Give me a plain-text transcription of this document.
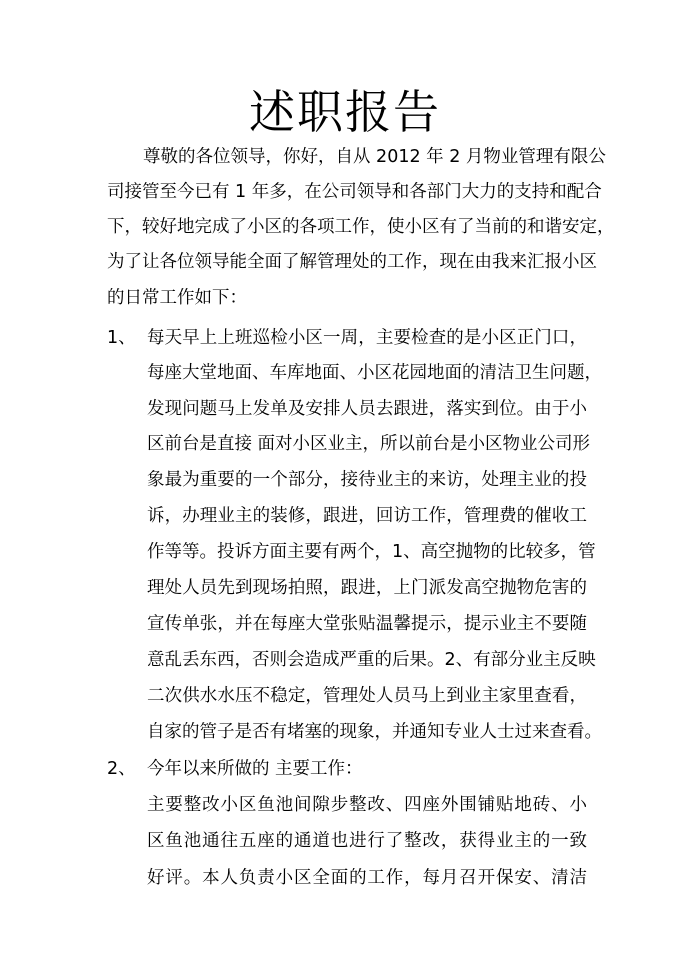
述职报告
尊敬的各位领导，你好，自从 2012 年 2 月物业管理有限公
司接管至今已有 1 年多，在公司领导和各部门大力的支持和配合
下，较好地完成了小区的各项工作，使小区有了当前的和谐安定，
为了让各位领导能全面了解管理处的工作，现在由我来汇报小区
的日常工作如下：
1、 每天早上上班巡检小区一周，主要检查的是小区正门口，
每座大堂地面、车库地面、小区花园地面的清洁卫生问题，
发现问题马上发单及安排人员去跟进，落实到位。由于小
区前台是直接 面对小区业主，所以前台是小区物业公司形
象最为重要的一个部分，接待业主的来访，处理主业的投
诉，办理业主的装修，跟进，回访工作，管理费的催收工
作等等。投诉方面主要有两个，1、高空抛物的比较多，管
理处人员先到现场拍照，跟进，上门派发高空抛物危害的
宣传单张，并在每座大堂张贴温馨提示，提示业主不要随
意乱丢东西，否则会造成严重的后果。2、有部分业主反映
二次供水水压不稳定，管理处人员马上到业主家里查看，
自家的管子是否有堵塞的现象，并通知专业人士过来查看。
2、 今年以来所做的 主要工作：
主要整改小区鱼池间隙步整改、四座外围铺贴地砖、小
区鱼池通往五座的通道也进行了整改，获得业主的一致
好评。本人负责小区全面的工作，每月召开保安、清洁
